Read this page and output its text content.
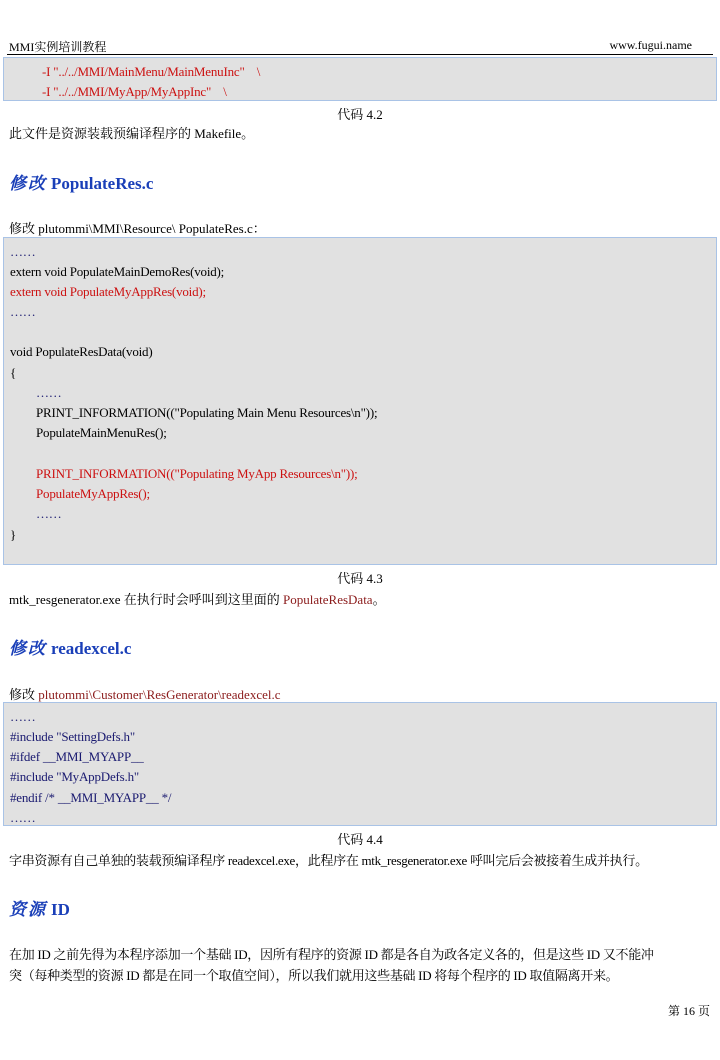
MMI实例培训教程	www.fugui.name
-I "../../MMI/MainMenu/MainMenuInc"    \
-I "../../MMI/MyApp/MyAppInc"    \
代码 4.2
此文件是资源装载预编译程序的 Makefile。
修改 PopulateRes.c
修改 plutommi\MMI\Resource\ PopulateRes.c：
……
extern void PopulateMainDemoRes(void);
extern void PopulateMyAppRes(void);
……
void PopulateResData(void)
{
……
PRINT_INFORMATION(("Populating Main Menu Resources\n"));
PopulateMainMenuRes();
PRINT_INFORMATION(("Populating MyApp Resources\n"));
PopulateMyAppRes();
……
}
代码 4.3
mtk_resgenerator.exe 在执行时会呼叫到这里面的 PopulateResData。
修改 readexcel.c
修改 plutommi\Customer\ResGenerator\readexcel.c
……
#include "SettingDefs.h"
#ifdef __MMI_MYAPP__
#include "MyAppDefs.h"
#endif /* __MMI_MYAPP__ */
……
代码 4.4
字串资源有自己单独的装载预编译程序 readexcel.exe，此程序在 mtk_resgenerator.exe 呼叫完后会被接着生成并执行。
资源 ID
在加 ID 之前先得为本程序添加一个基础 ID，因所有程序的资源 ID 都是各自为政各定义各的，但是这些 ID 又不能冲
突（每种类型的资源 ID 都是在同一个取值空间），所以我们就用这些基础 ID 将每个程序的 ID 取值隔离开来。
第 16 页
